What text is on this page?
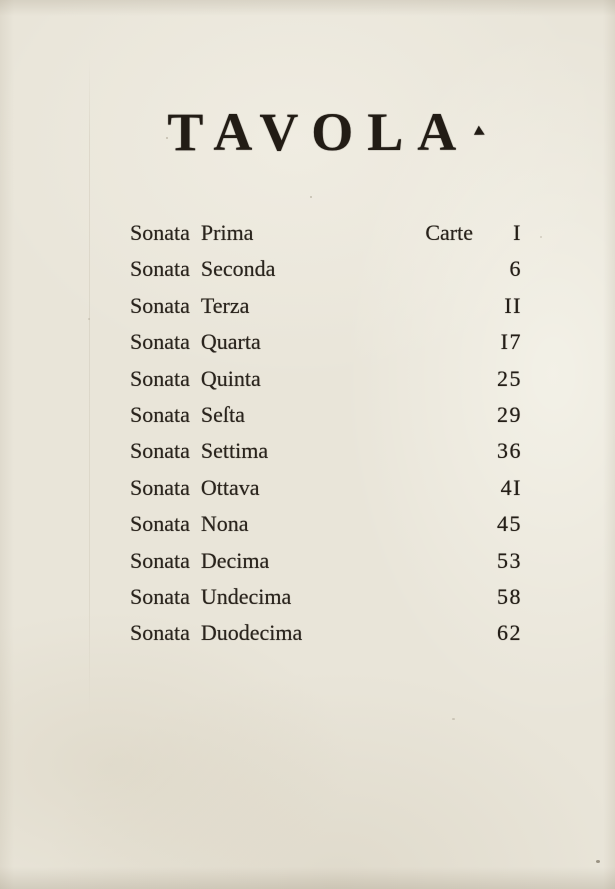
TAVOLA‣
Sonata Prima	Carte	I
Sonata Seconda	6
Sonata Terza	II
Sonata Quarta	I7
Sonata Quinta	25
Sonata Seſta	29
Sonata Settima	36
Sonata Ottava	4I
Sonata Nona	45
Sonata Decima	53
Sonata Undecima	58
Sonata Duodecima	62
